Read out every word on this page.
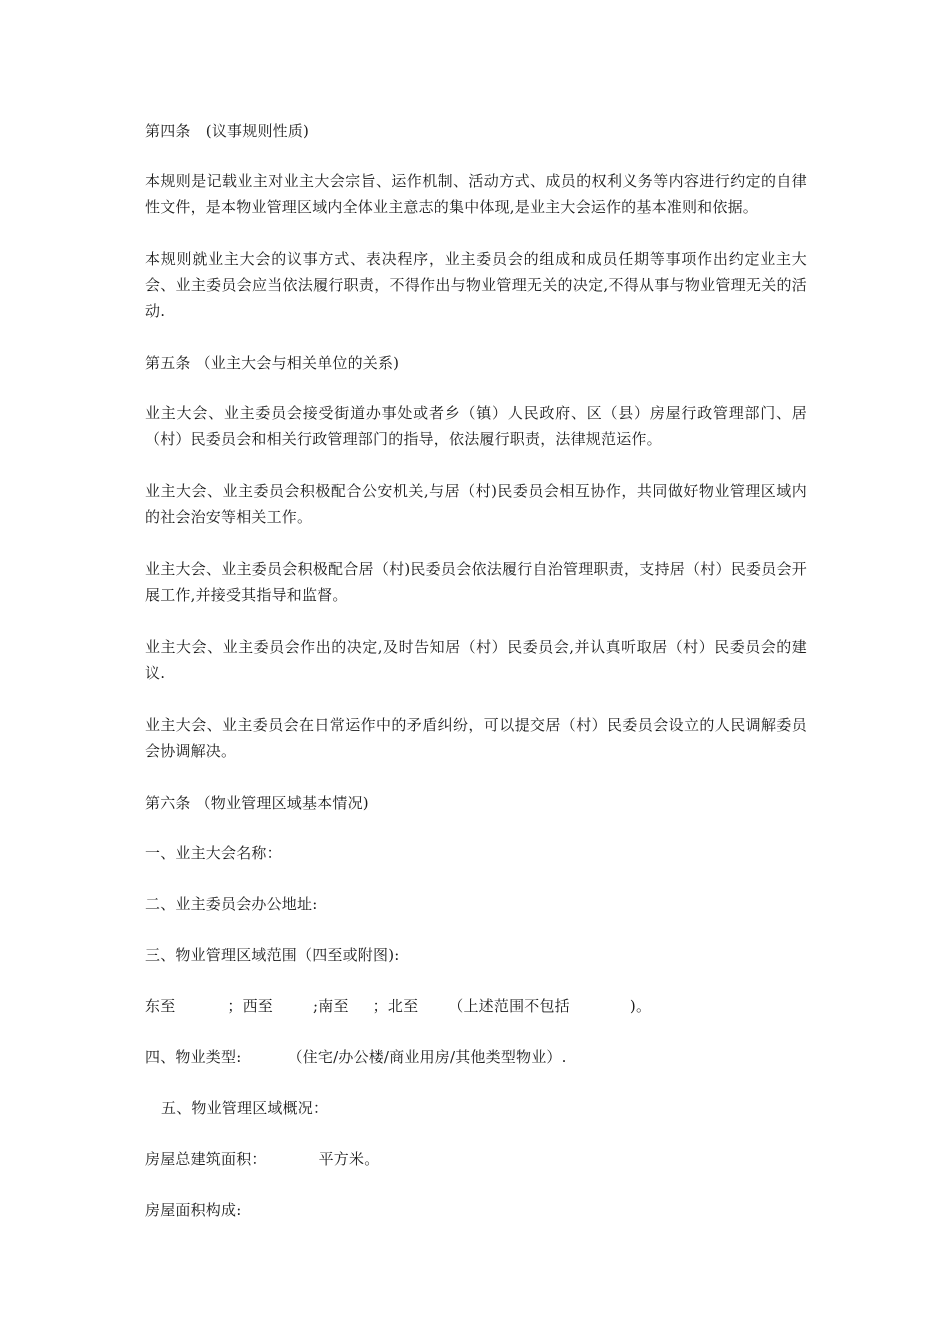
第四条　(议事规则性质)

本规则是记载业主对业主大会宗旨、运作机制、活动方式、成员的权利义务等内容进行约定的自律性文件，是本物业管理区域内全体业主意志的集中体现,是业主大会运作的基本准则和依据。

本规则就业主大会的议事方式、表决程序，业主委员会的组成和成员任期等事项作出约定业主大会、业主委员会应当依法履行职责，不得作出与物业管理无关的决定,不得从事与物业管理无关的活动.

第五条 （业主大会与相关单位的关系)

业主大会、业主委员会接受街道办事处或者乡（镇）人民政府、区（县）房屋行政管理部门、居（村）民委员会和相关行政管理部门的指导，依法履行职责，法律规范运作。

业主大会、业主委员会积极配合公安机关,与居（村)民委员会相互协作，共同做好物业管理区域内的社会治安等相关工作。

业主大会、业主委员会积极配合居（村)民委员会依法履行自治管理职责，支持居（村）民委员会开展工作,并接受其指导和监督。

业主大会、业主委员会作出的决定,及时告知居（村）民委员会,并认真听取居（村）民委员会的建议.

业主大会、业主委员会在日常运作中的矛盾纠纷，可以提交居（村）民委员会设立的人民调解委员会协调解决。

第六条 （物业管理区域基本情况)

一、业主大会名称：

二、业主委员会办公地址:

三、物业管理区域范围（四至或附图):

东至	；西至	;南至 ；北至 （上述范围不包括	)。

四、物业类型:	（住宅/办公楼/商业用房/其他类型物业）.

五、物业管理区域概况：

房屋总建筑面积：	平方米。

房屋面积构成:
